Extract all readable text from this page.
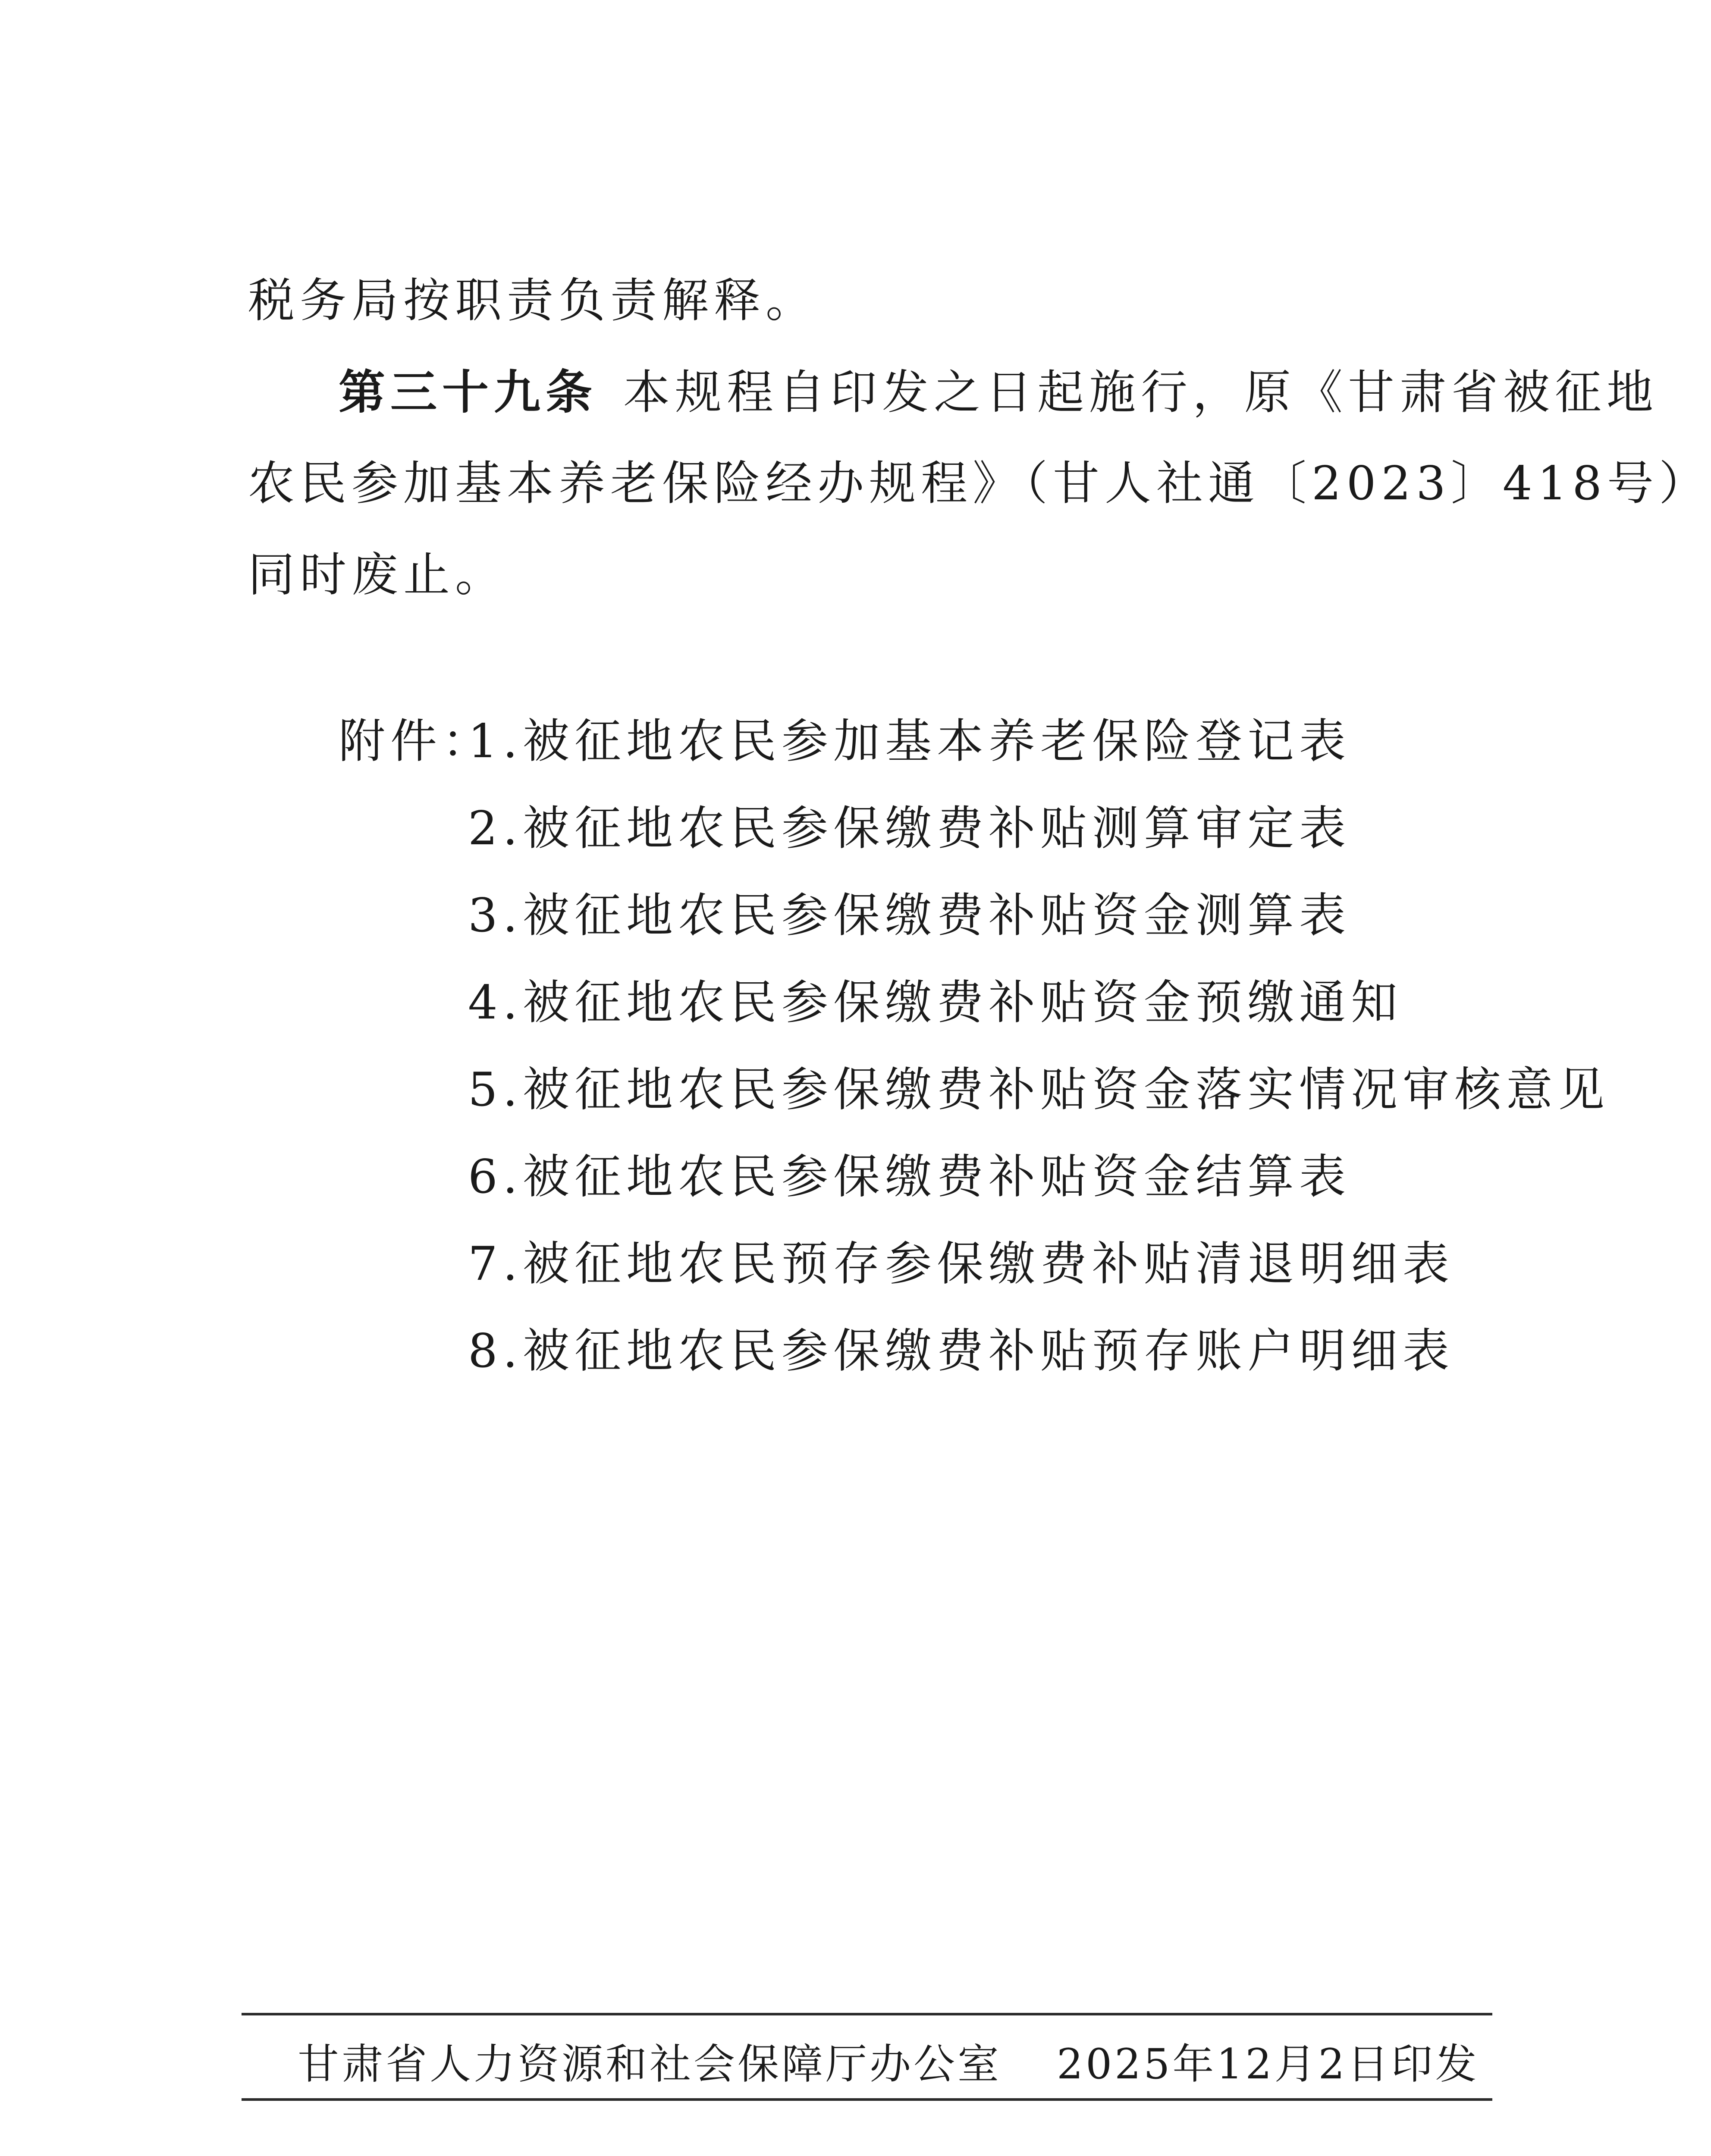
税务局按职责负责解释。
第三十九条 本规程自印发之日起施行，原《甘肃省被征地
农民参加基本养老保险经办规程》（甘人社通〔2023〕418号）
同时废止。
附件：
1.被征地农民参加基本养老保险登记表
2.被征地农民参保缴费补贴测算审定表
3.被征地农民参保缴费补贴资金测算表
4.被征地农民参保缴费补贴资金预缴通知
5.被征地农民参保缴费补贴资金落实情况审核意见
6.被征地农民参保缴费补贴资金结算表
7.被征地农民预存参保缴费补贴清退明细表
8.被征地农民参保缴费补贴预存账户明细表
甘肃省人力资源和社会保障厅办公室 2025年12月2日印发
